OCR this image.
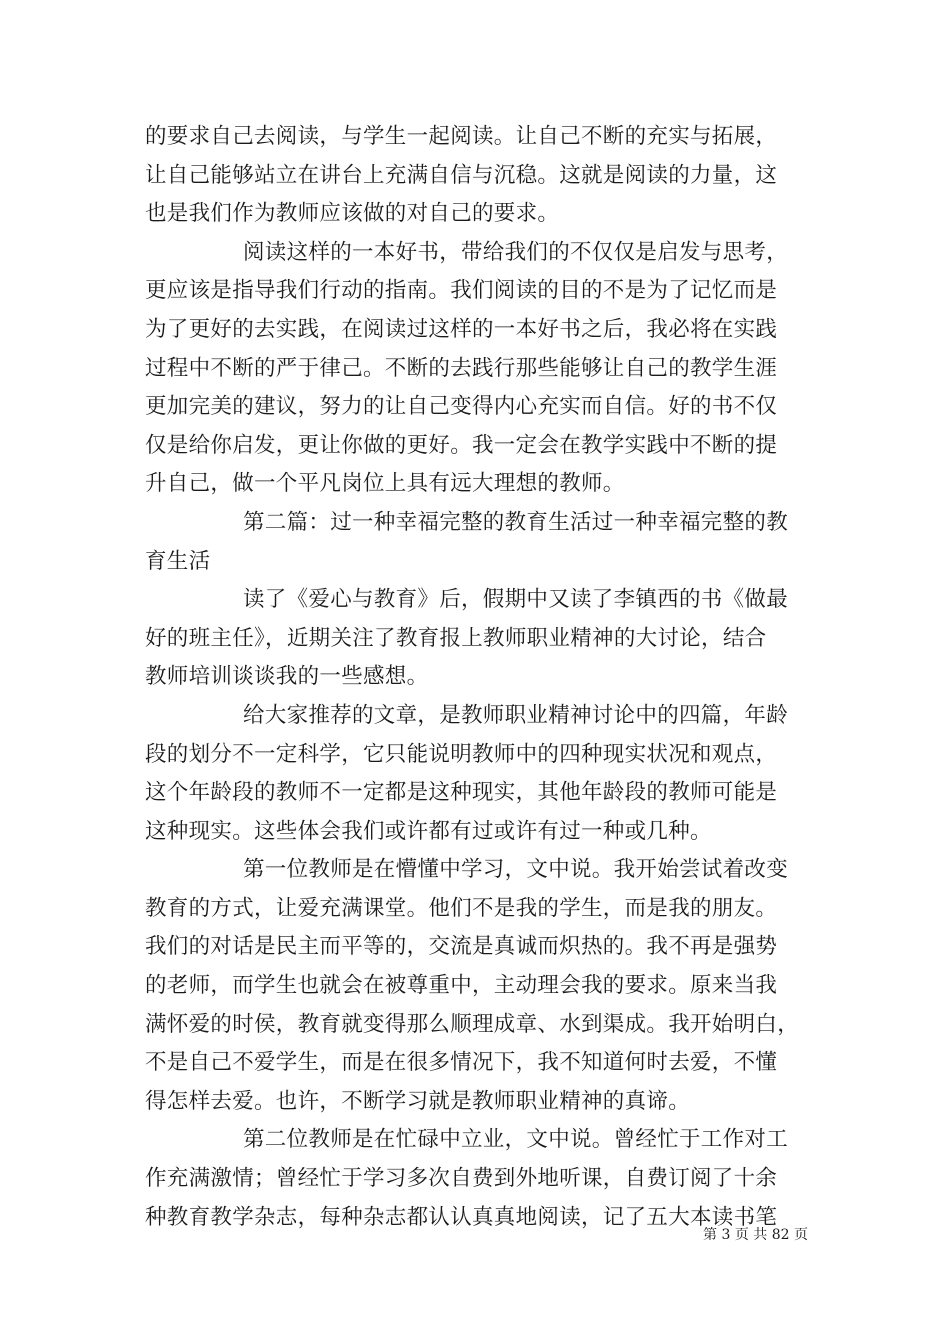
的要求自己去阅读，与学生一起阅读。让自己不断的充实与拓展，
让自己能够站立在讲台上充满自信与沉稳。这就是阅读的力量，这
也是我们作为教师应该做的对自己的要求。
阅读这样的一本好书，带给我们的不仅仅是启发与思考，
更应该是指导我们行动的指南。我们阅读的目的不是为了记忆而是
为了更好的去实践，在阅读过这样的一本好书之后，我必将在实践
过程中不断的严于律己。不断的去践行那些能够让自己的教学生涯
更加完美的建议，努力的让自己变得内心充实而自信。好的书不仅
仅是给你启发，更让你做的更好。我一定会在教学实践中不断的提
升自己，做一个平凡岗位上具有远大理想的教师。
第二篇：过一种幸福完整的教育生活过一种幸福完整的教
育生活
读了《爱心与教育》后，假期中又读了李镇西的书《做最
好的班主任》，近期关注了教育报上教师职业精神的大讨论，结合
教师培训谈谈我的一些感想。
给大家推荐的文章，是教师职业精神讨论中的四篇，年龄
段的划分不一定科学，它只能说明教师中的四种现实状况和观点，
这个年龄段的教师不一定都是这种现实，其他年龄段的教师可能是
这种现实。这些体会我们或许都有过或许有过一种或几种。
第一位教师是在懵懂中学习，文中说。我开始尝试着改变
教育的方式，让爱充满课堂。他们不是我的学生，而是我的朋友。
我们的对话是民主而平等的，交流是真诚而炽热的。我不再是强势
的老师，而学生也就会在被尊重中，主动理会我的要求。原来当我
满怀爱的时侯，教育就变得那么顺理成章、水到渠成。我开始明白，
不是自己不爱学生，而是在很多情况下，我不知道何时去爱，不懂
得怎样去爱。也许，不断学习就是教师职业精神的真谛。
第二位教师是在忙碌中立业，文中说。曾经忙于工作对工
作充满激情；曾经忙于学习多次自费到外地听课，自费订阅了十余
种教育教学杂志，每种杂志都认认真真地阅读，记了五大本读书笔
第 3 页 共 82 页
